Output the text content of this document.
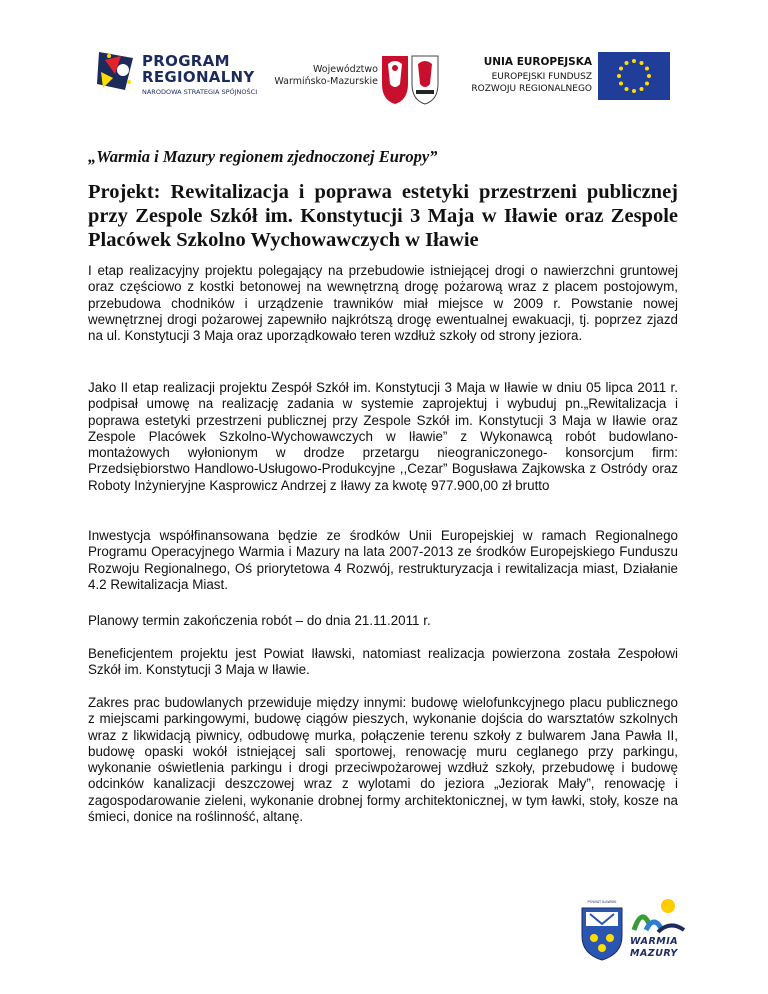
PROGRAM
REGIONALNY
NARODOWA STRATEGIA SPÓJNOŚCI
Województwo
Warmińsko-Mazurskie
UNIA EUROPEJSKA
EUROPEJSKI FUNDUSZ
ROZWOJU REGIONALNEGO
„Warmia i Mazury regionem zjednoczonej Europy”
Projekt: Rewitalizacja i poprawa estetyki przestrzeni publicznej przy Zespole Szkół im. Konstytucji 3 Maja w Iławie oraz Zespole Placówek Szkolno Wychowawczych w Iławie

I etap realizacyjny projektu polegający na przebudowie istniejącej drogi o nawierzchni gruntowej oraz częściowo z kostki betonowej na wewnętrzną drogę pożarową wraz z placem postojowym, przebudowa chodników i urządzenie trawników miał miejsce w 2009 r. Powstanie nowej wewnętrznej drogi pożarowej zapewniło najkrótszą drogę ewentualnej ewakuacji, tj. poprzez zjazd na ul. Konstytucji 3 Maja oraz uporządkowało teren wzdłuż szkoły od strony jeziora.

Jako II etap realizacji projektu Zespół Szkół im. Konstytucji 3 Maja w Iławie w dniu 05 lipca 2011 r. podpisał umowę na realizację zadania w systemie zaprojektuj i wybuduj pn.„Rewitalizacja i poprawa estetyki przestrzeni publicznej przy Zespole Szkół im. Konstytucji 3 Maja w Iławie oraz Zespole Placówek Szkolno-Wychowawczych w Iławie” z Wykonawcą robót budowlano-montażowych wyłonionym w drodze przetargu nieograniczonego- konsorcjum firm: Przedsiębiorstwo Handlowo-Usługowo-Produkcyjne ,,Cezar” Bogusława Zajkowska z Ostródy oraz Roboty Inżynieryjne Kasprowicz Andrzej z Iławy za kwotę 977.900,00 zł brutto

Inwestycja współfinansowana będzie ze środków Unii Europejskiej w ramach Regionalnego Programu Operacyjnego Warmia i Mazury na lata 2007-2013 ze środków Europejskiego Funduszu Rozwoju Regionalnego, Oś priorytetowa 4 Rozwój, restrukturyzacja i rewitalizacja miast, Działanie 4.2 Rewitalizacja Miast.

Planowy termin zakończenia robót – do dnia 21.11.2011 r.

Beneficjentem projektu jest Powiat Iławski, natomiast realizacja powierzona została Zespołowi Szkół im. Konstytucji 3 Maja w Iławie.

Zakres prac budowlanych przewiduje między innymi: budowę wielofunkcyjnego placu publicznego z miejscami parkingowymi, budowę ciągów pieszych, wykonanie dojścia do warsztatów szkolnych wraz z likwidacją piwnicy, odbudowę murka, połączenie terenu szkoły z bulwarem Jana Pawła II, budowę opaski wokół istniejącej sali sportowej, renowację muru ceglanego przy parkingu, wykonanie oświetlenia parkingu i drogi przeciwpożarowej wzdłuż szkoły, przebudowę i budowę odcinków kanalizacji deszczowej wraz z wylotami do jeziora „Jeziorak Mały”, renowację i zagospodarowanie zieleni, wykonanie drobnej formy architektonicznej, w tym ławki, stoły, kosze na śmieci, donice na roślinność, altanę.

POWIAT IŁAWSKI
WARMIA
MAZURY
